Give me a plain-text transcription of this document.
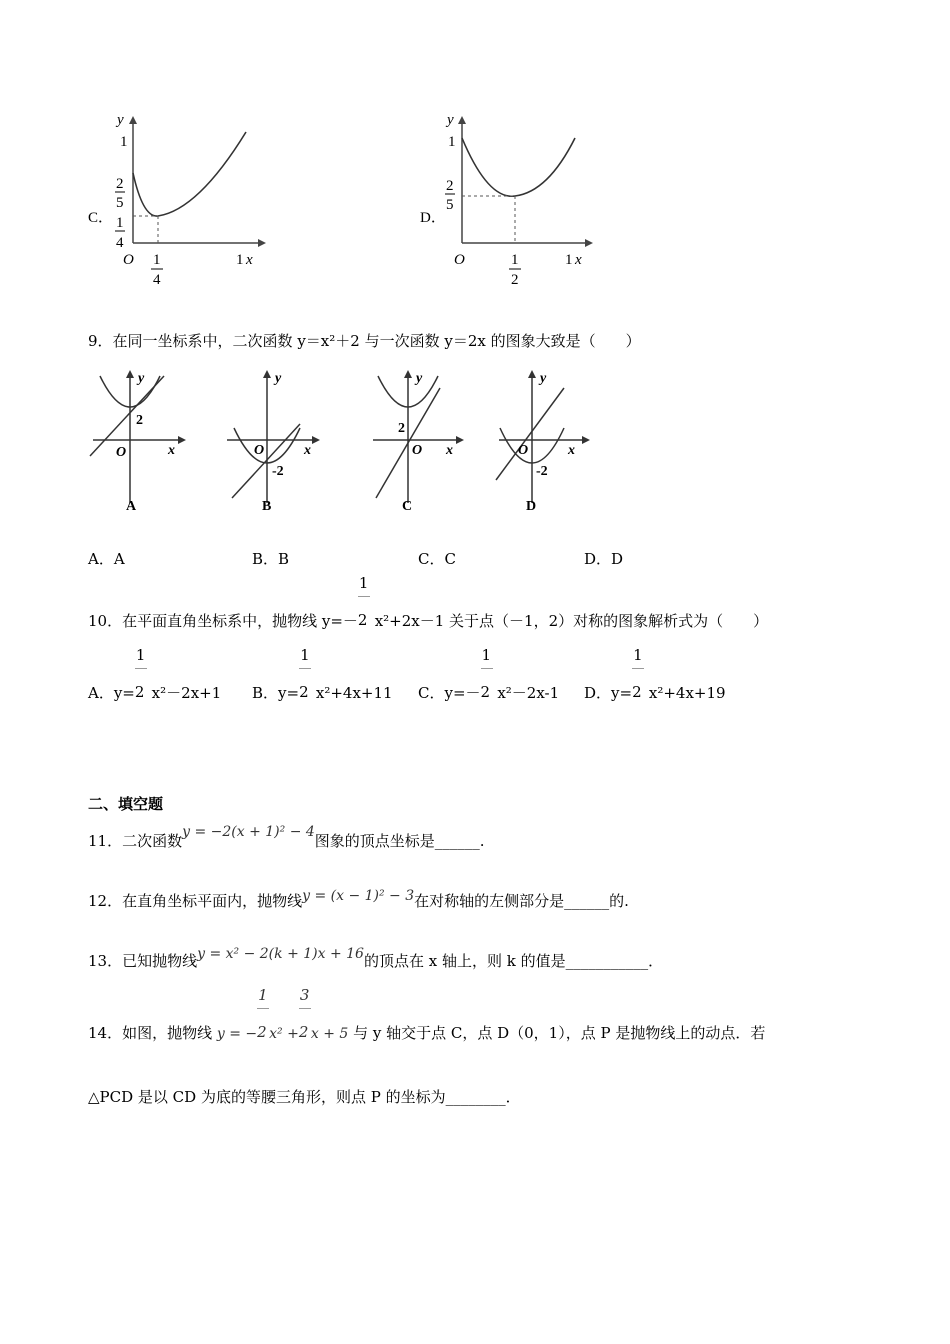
C．
y
1
2
5
1
4
O 1
4
1 x
D．
y
1
2
5
O	1
2
1 x
9．在同一坐标系中，二次函数 y＝x²＋2 与一次函数 y＝2x 的图象大致是（　　）
y
2
O	x
A
y
O
-2
x
B
y
2
O x
C
y
O
-2
x
D
A．A	B．B	C．C	D．D
10．在平面直角坐标系中，抛物线 $y=- \frac{1}{2} x^2+2x-1$ 关于点（－1，2）对称的图象解析式为（　　）
A．$y= \frac{1}{2} x^2-2x+1$ B．$y= \frac{1}{2} x^2+4x+11$ C．$y=- \frac{1}{2} x^2-2x-1$ D．$y= \frac{1}{2} x^2+4x+19$
二、填空题
11．二次函数y = −2(x + 1)² − 4图象的顶点坐标是______.
12．在直角坐标平面内，抛物线y = (x − 1)² − 3在对称轴的左侧部分是______的.
13．已知抛物线y = x² − 2(k + 1)x + 16的顶点在 x 轴上，则 k 的值是___________．
14．如图，抛物线 y = − $\frac{1}{2} x^2 + \frac{3}{2}$ x + 5 与 y 轴交于点 C，点 D（0，1），点 P 是抛物线上的动点．若
△PCD 是以 CD 为底的等腰三角形，则点 P 的坐标为________．
